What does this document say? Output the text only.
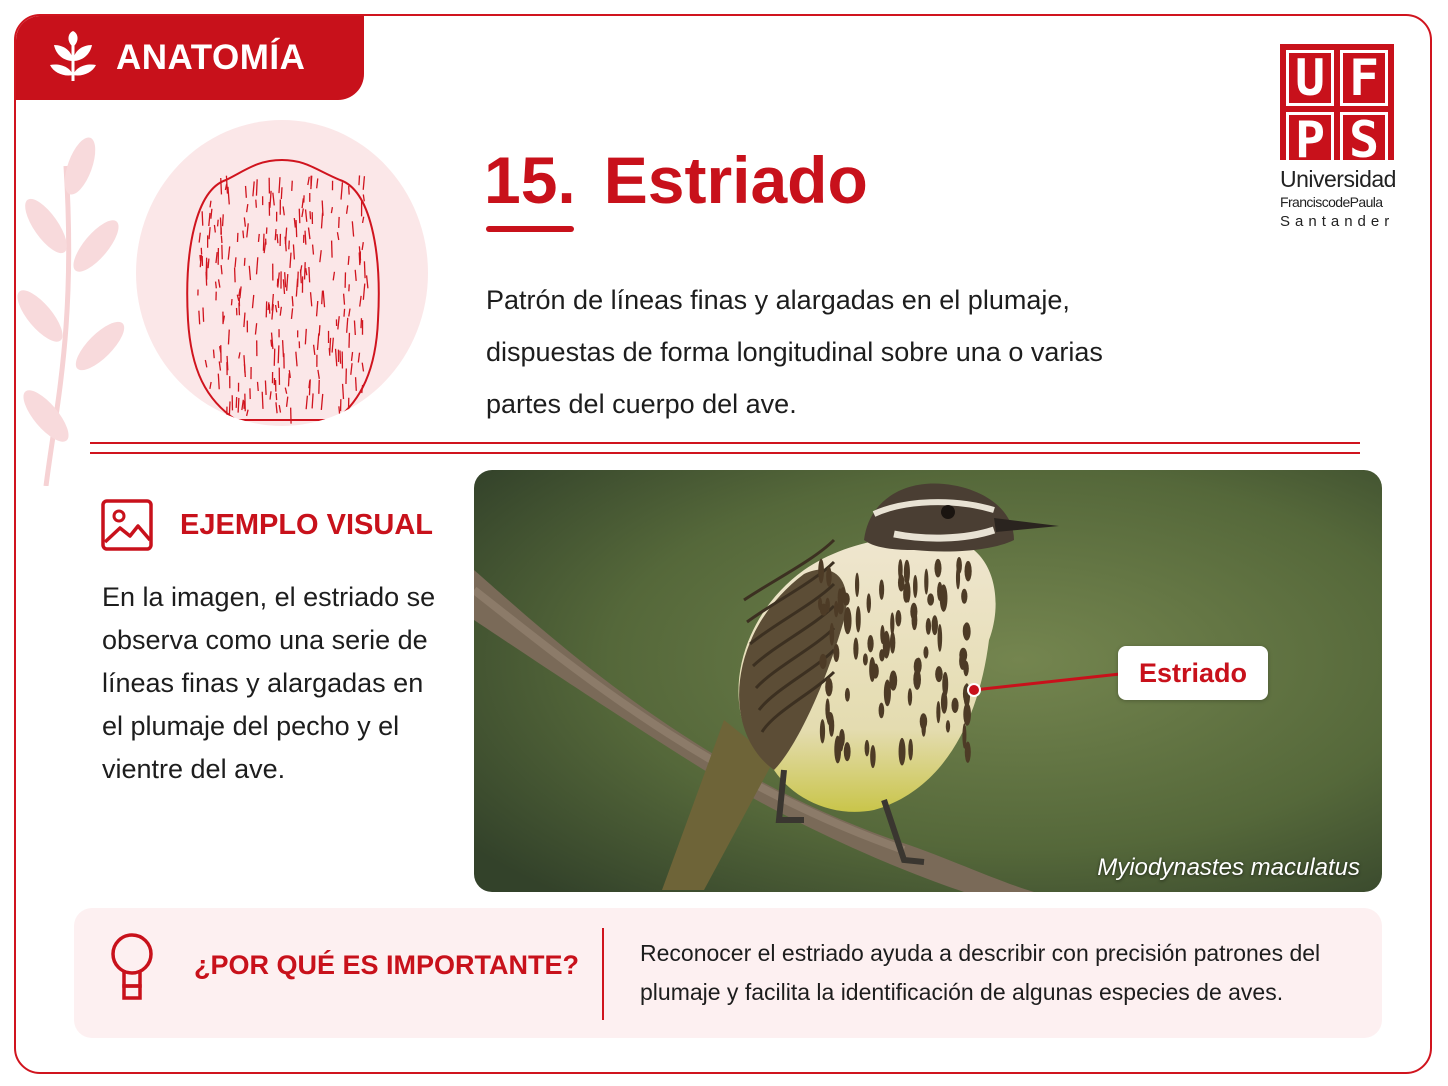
ANATOMÍA
15. Estriado

Patrón de líneas finas y alargadas en el plumaje, dispuestas de forma longitudinal sobre una o varias partes del cuerpo del ave.

U F
P S
Universidad
FranciscodePaula
Santander
EJEMPLO VISUAL

En la imagen, el estriado se observa como una serie de líneas finas y alargadas en el plumaje del pecho y el vientre del ave.

Estriado
Myiodynastes maculatus
¿POR QUÉ ES IMPORTANTE?	Reconocer el estriado ayuda a describir con precisión patrones del plumaje y facilita la identificación de algunas especies de aves.
